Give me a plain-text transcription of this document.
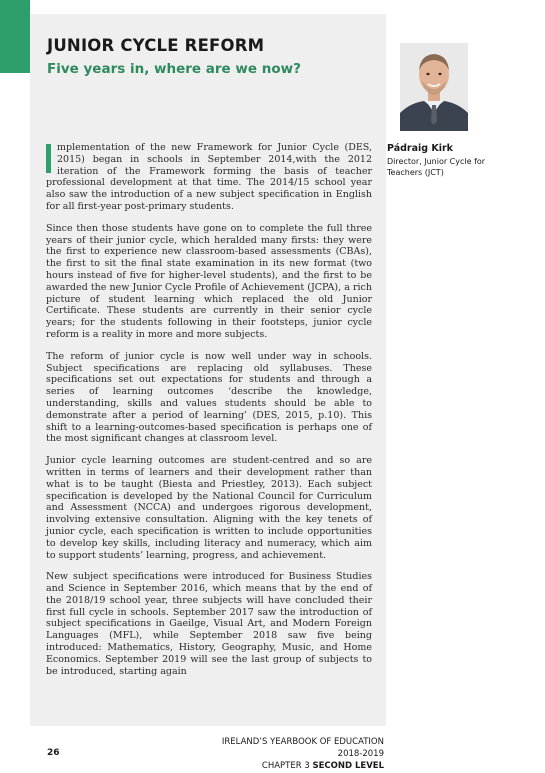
JUNIOR CYCLE REFORM
Five years in, where are we now?
Pádraig Kirk
Director, Junior Cycle for Teachers (JCT)

mplementation of the new Framework for Junior Cycle (DES, 2015) began in schools in September 2014,with the 2012 iteration of the Framework forming the basis of teacher professional development at that time. The 2014/15 school year also saw the introduction of a new subject specification in English for all first-year post-primary students.

Since then those students have gone on to complete the full three years of their junior cycle, which heralded many firsts: they were the first to experience new classroom-based assessments (CBAs), the first to sit the final state examination in its new format (two hours instead of five for higher-level students), and the first to be awarded the new Junior Cycle Profile of Achievement (JCPA), a rich picture of student learning which replaced the old Junior Certificate. These students are currently in their senior cycle years; for the students following in their footsteps, junior cycle reform is a reality in more and more subjects.

The reform of junior cycle is now well under way in schools. Subject specifications are replacing old syllabuses. These specifications set out expectations for students and through a series of learning outcomes ‘describe the knowledge, understanding, skills and values students should be able to demonstrate after a period of learning’ (DES, 2015, p.10). This shift to a learning-outcomes-based specification is perhaps one of the most significant changes at classroom level.

Junior cycle learning outcomes are student-centred and so are written in terms of learners and their development rather than what is to be taught (Biesta and Priestley, 2013). Each subject specification is developed by the National Council for Curriculum and Assessment (NCCA) and undergoes rigorous development, involving extensive consultation. Aligning with the key tenets of junior cycle, each specification is written to include opportunities to develop key skills, including literacy and numeracy, which aim to support students’ learning, progress, and achievement.

New subject specifications were introduced for Business Studies and Science in September 2016, which means that by the end of the 2018/19 school year, three subjects will have concluded their first full cycle in schools. September 2017 saw the introduction of subject specifications in Gaeilge, Visual Art, and Modern Foreign Languages (MFL), while September 2018 saw five being introduced: Mathematics, History, Geography, Music, and Home Economics. September 2019 will see the last group of subjects to be introduced, starting again

26
IRELAND’S YEARBOOK OF EDUCATION 2018-2019
CHAPTER 3 SECOND LEVEL
